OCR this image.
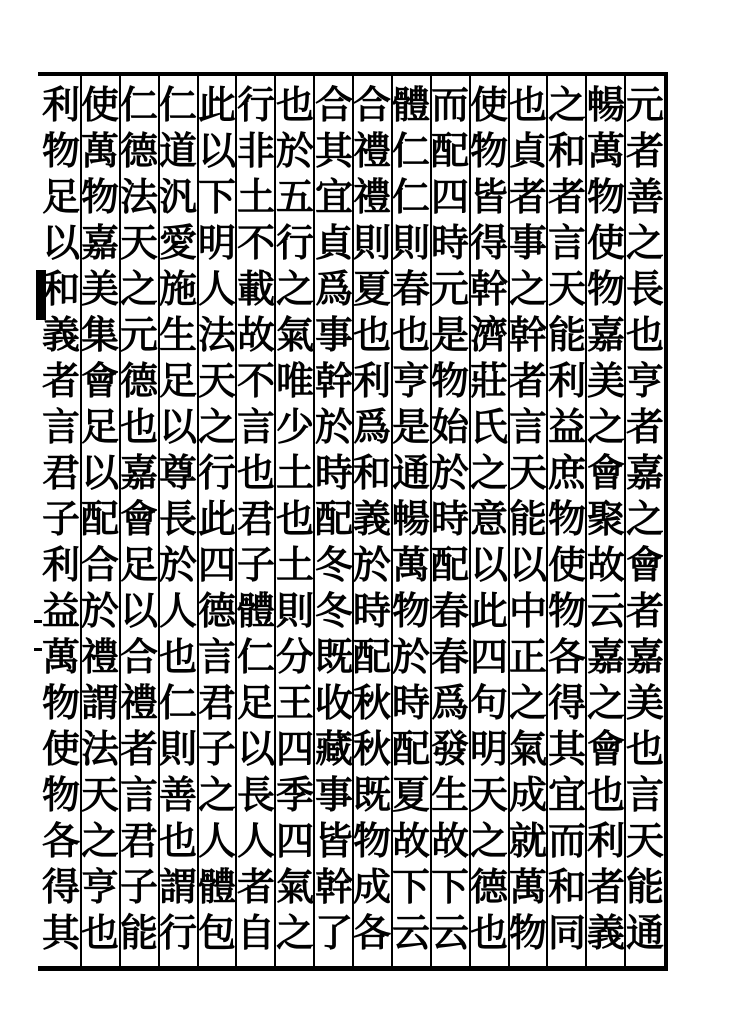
元
者
善
之
長
也
亨
者
嘉
之
會
者
嘉
美
也
言
天
能
通
暢
萬
物
使
物
嘉
美
之
會
聚
故
云
嘉
之
會
也
利
者
義
之
和
者
言
天
能
利
益
庶
物
使
物
各
得
其
宜
而
和
同
也
貞
者
事
之
幹
者
言
天
能
以
中
正
之
氣
成
就
萬
物
使
物
皆
得
幹
濟
莊
氏
之
意
以
此
四
句
明
天
之
德
也
而
配
四
時
元
是
物
始
於
時
配
春
春
爲
發
生
故
下
云
體
仁
仁
則
春
也
亨
是
通
暢
萬
物
於
時
配
夏
故
下
云
合
禮
禮
則
夏
也
利
爲
和
義
於
時
配
秋
秋
既
物
成
各
合
其
宜
貞
爲
事
幹
於
時
配
冬
冬
既
收
藏
事
皆
幹
了
也
於
五
行
之
氣
唯
少
土
也
土
則
分
王
四
季
四
氣
之
行
非
土
不
載
故
不
言
也
君
子
體
仁
足
以
長
人
者
自
此
以
下
明
人
法
天
之
行
此
四
德
言
君
子
之
人
體
包
仁
道
汎
愛
施
生
足
以
尊
長
於
人
也
仁
則
善
也
謂
行
仁
德
法
天
之
元
德
也
嘉
會
足
以
合
禮
者
言
君
子
能
使
萬
物
嘉
美
集
會
足
以
配
合
於
禮
謂
法
天
之
亨
也
利
物
足
以
和
義
者
言
君
子
利
益
萬
物
使
物
各
得
其
